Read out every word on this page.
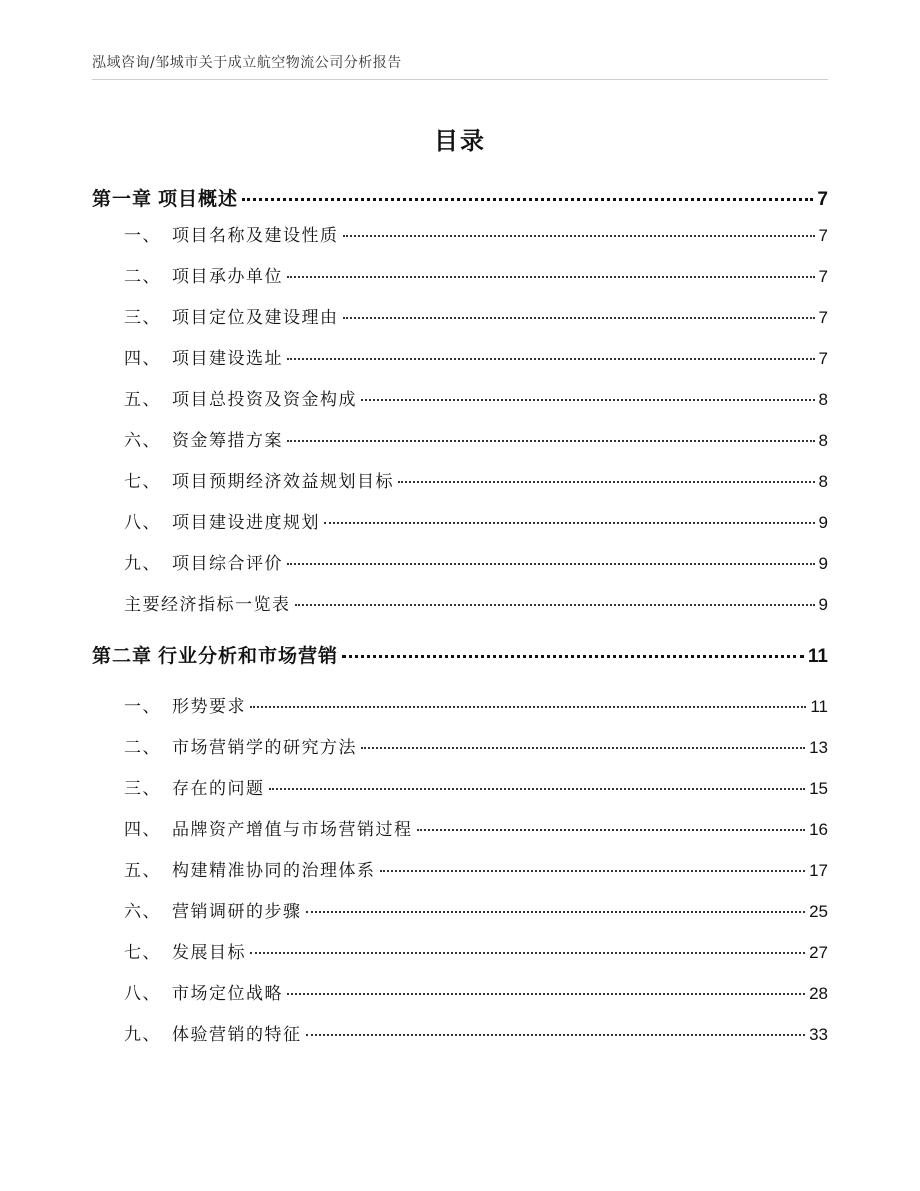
泓域咨询/邹城市关于成立航空物流公司分析报告
目录
第一章 项目概述	7
一、 项目名称及建设性质	7
二、 项目承办单位	7
三、 项目定位及建设理由	7
四、 项目建设选址	7
五、 项目总投资及资金构成	8
六、 资金筹措方案	8
七、 项目预期经济效益规划目标	8
八、 项目建设进度规划	9
九、 项目综合评价	9
主要经济指标一览表	9
第二章 行业分析和市场营销	11
一、 形势要求	11
二、 市场营销学的研究方法	13
三、 存在的问题	15
四、 品牌资产增值与市场营销过程	16
五、 构建精准协同的治理体系	17
六、 营销调研的步骤	25
七、 发展目标	27
八、 市场定位战略	28
九、 体验营销的特征	33
